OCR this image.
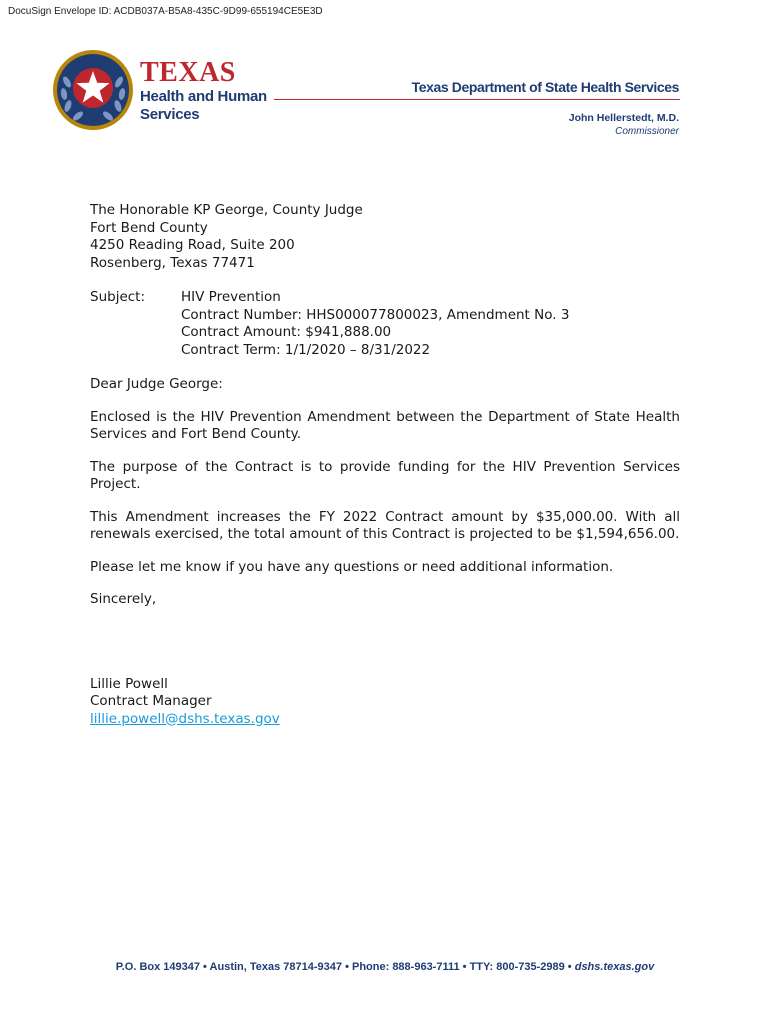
DocuSign Envelope ID: ACDB037A-B5A8-435C-9D99-655194CE5E3D
TEXAS
Health and Human
Services
Texas Department of State Health Services
John Hellerstedt, M.D.
Commissioner
The Honorable KP George, County Judge
Fort Bend County
4250 Reading Road, Suite 200
Rosenberg, Texas 77471
Subject:	HIV Prevention
Contract Number: HHS000077800023, Amendment No. 3
Contract Amount: $941,888.00
Contract Term: 1/1/2020 – 8/31/2022

Dear Judge George:

Enclosed is the HIV Prevention Amendment between the Department of State Health Services and Fort Bend County.

The purpose of the Contract is to provide funding for the HIV Prevention Services Project.

This Amendment increases the FY 2022 Contract amount by $35,000.00. With all renewals exercised, the total amount of this Contract is projected to be $1,594,656.00.

Please let me know if you have any questions or need additional information.

Sincerely,

Lillie Powell
Contract Manager
lillie.powell@dshs.texas.gov
P.O. Box 149347 • Austin, Texas 78714-9347 • Phone: 888-963-7111 • TTY: 800-735-2989 • dshs.texas.gov
